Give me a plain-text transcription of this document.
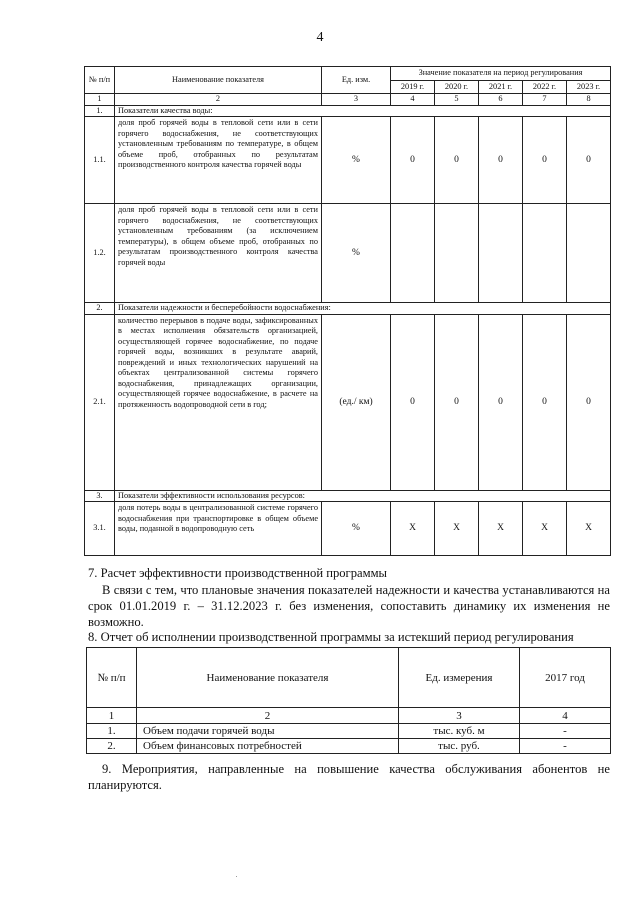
4
№ п/п	Наименование показателя	Ед. изм.	Значение показателя на период регулирования				
			2019 г.	2020 г.	2021 г.	2022 г.	2023 г.
1	2	3	4	5	6	7	8
1.	Показатели качества воды:						
1.1.	доля проб горячей воды в тепловой сети или в сети горячего водоснабжения, не соответствующих установленным требованиям по температуре, в общем объеме проб, отобранных по результатам производственного контроля качества горячей воды	%	0	0	0	0	0
1.2.	доля проб горячей воды в тепловой сети или в сети горячего водоснабжения, не соответствующих установленным требованиям (за исключением температуры), в общем объеме проб, отобранных по результатам производственного контроля качества горячей воды	%					
2.	Показатели надежности и бесперебойности водоснабжения:						
2.1.	количество перерывов в подаче воды, зафиксированных в местах исполнения обязательств организацией, осуществляющей горячее водоснабжение, по подаче горячей воды, возникших в результате аварий, повреждений и иных технологических нарушений на объектах централизованной системы горячего водоснабжения, принадлежащих организации, осуществляющей горячее водоснабжение, в расчете на протяженность водопроводной сети в год;	(ед./ км)	0	0	0	0	0
3.	Показатели эффективности использования ресурсов:						
3.1.	доля потерь воды в централизованной системе горячего водоснабжения при транспортировке в общем объеме воды, поданной в водопроводную сеть	%	Х	Х	Х	Х	Х
7. Расчет эффективности производственной программы
В связи с тем, что плановые значения показателей надежности и качества устанавливаются на срок 01.01.2019 г. – 31.12.2023 г. без изменения, сопоставить динамику их изменения не возможно.
8. Отчет об исполнении производственной программы за истекший период регулирования
№ п/п	Наименование показателя	Ед. измерения	2017 год
1	2	3	4
1.	Объем подачи горячей воды	тыс. куб. м	-
2.	Объем финансовых потребностей	тыс. руб.	-
9. Мероприятия, направленные на повышение качества обслуживания абонентов не планируются.
